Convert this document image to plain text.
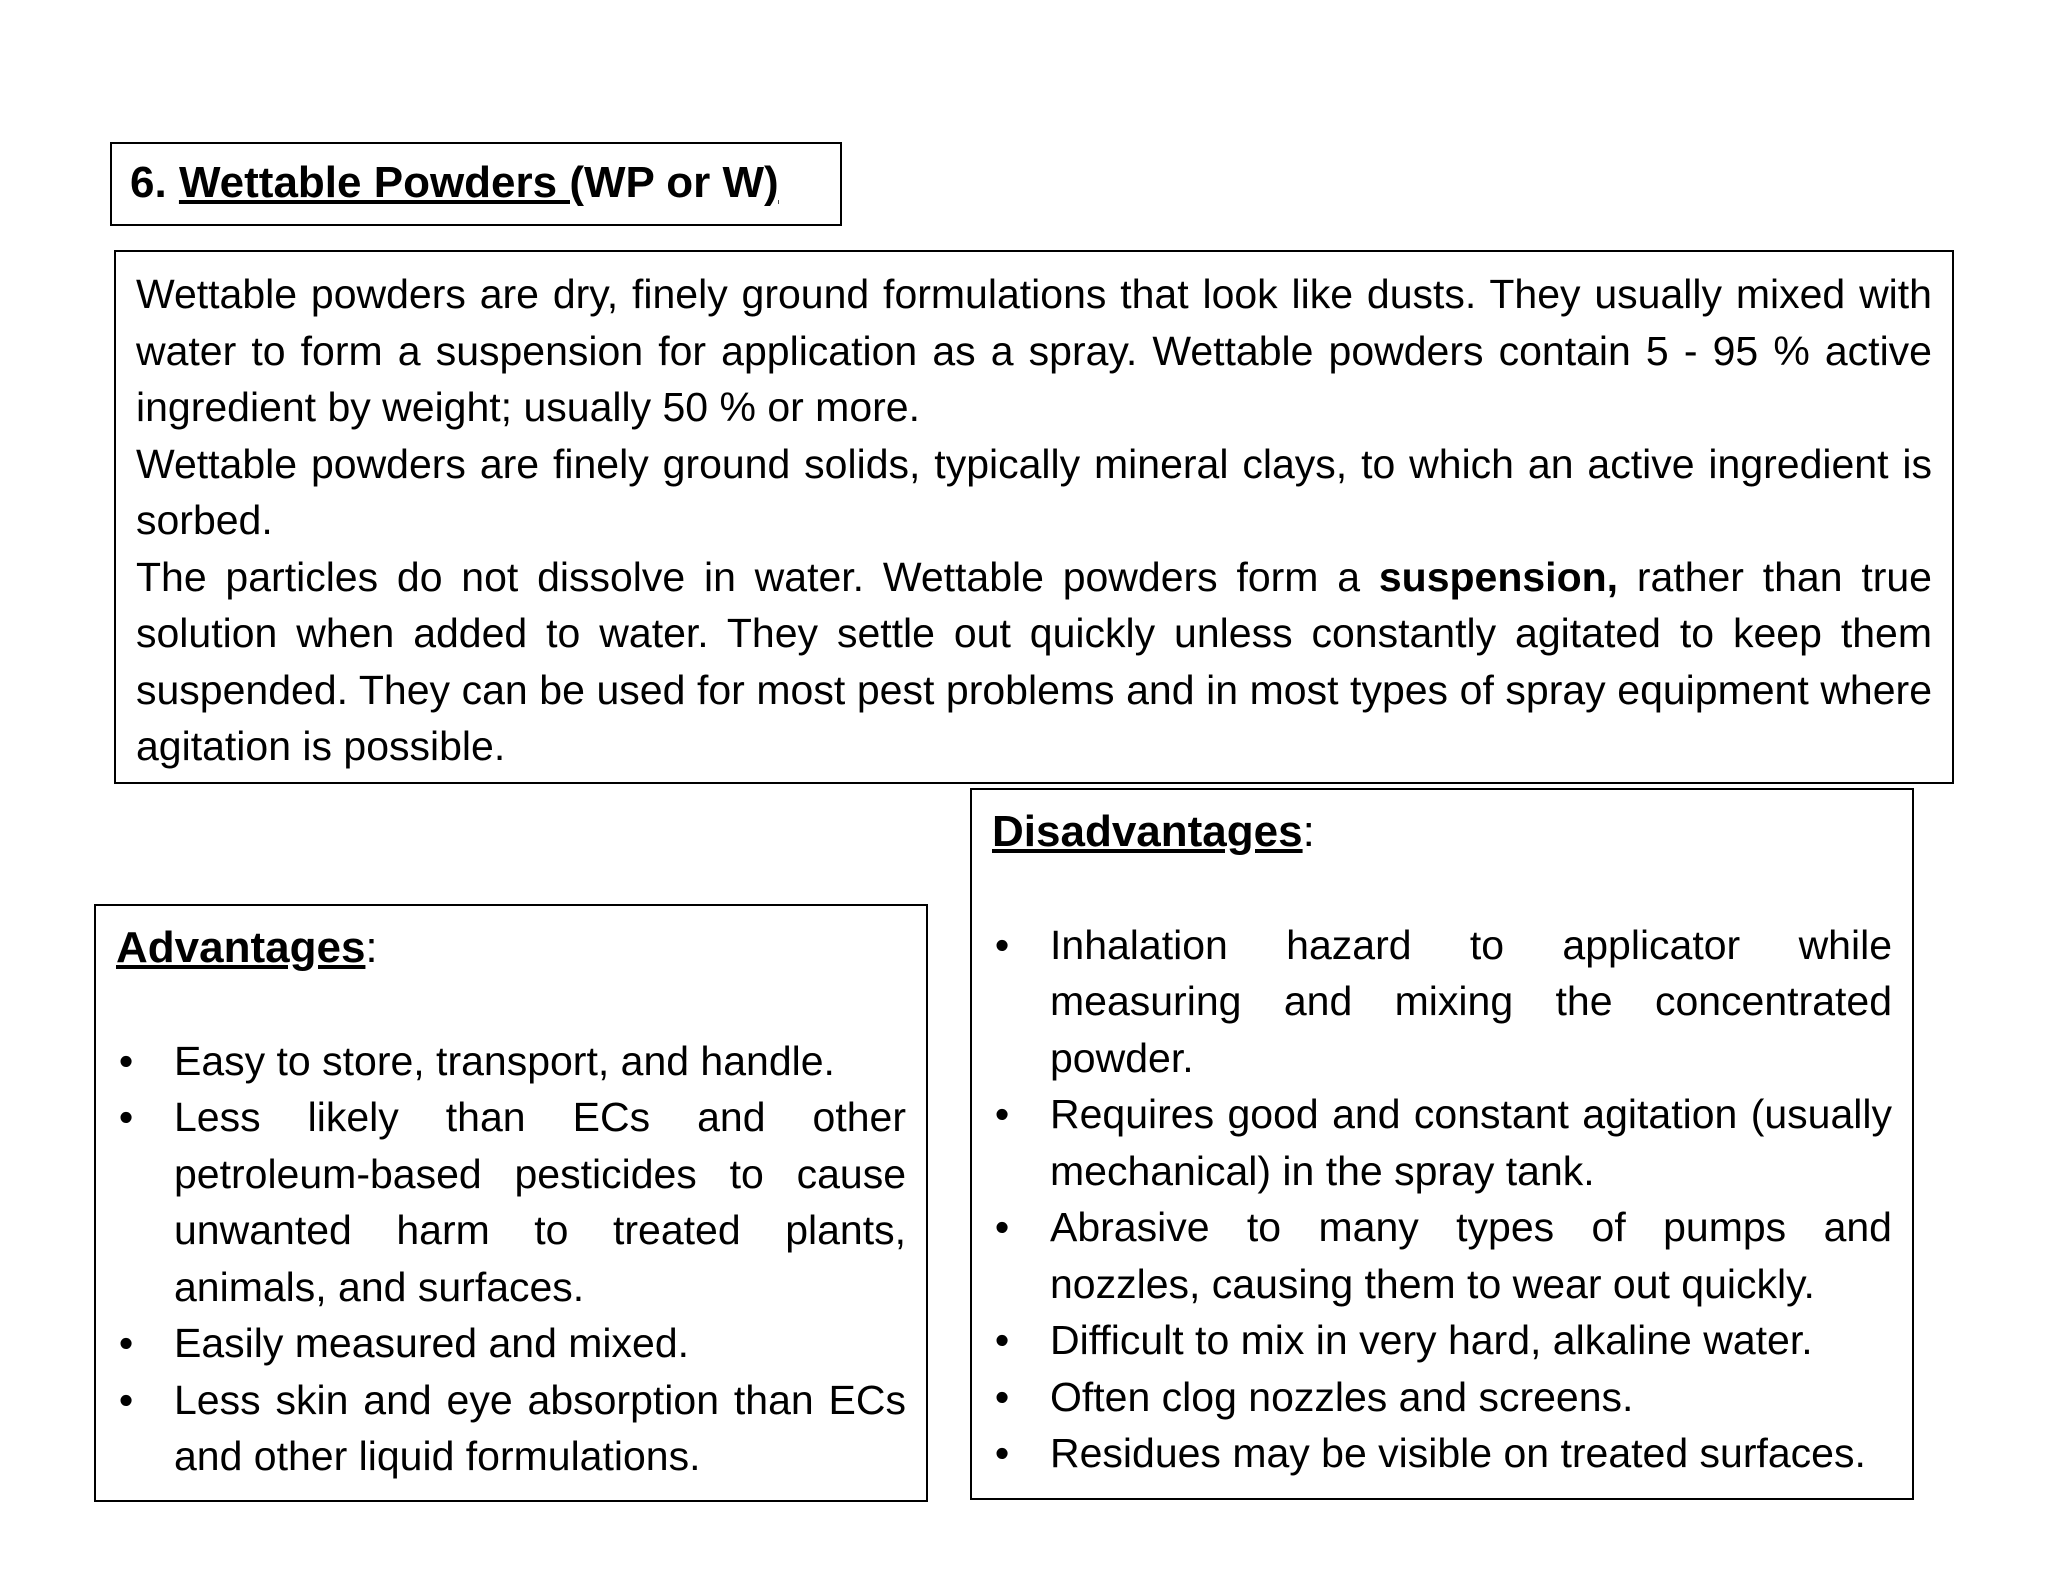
6. Wettable Powders (WP or W)

Wettable powders are dry, finely ground formulations that look like dusts. They usually mixed with water to form a suspension for application as a spray. Wettable powders contain 5 - 95 % active ingredient by weight; usually 50 % or more.

Wettable powders are finely ground solids, typically mineral clays, to which an active ingredient is sorbed.

The particles do not dissolve in water. Wettable powders form a suspension, rather than true solution when added to water. They settle out quickly unless constantly agitated to keep them suspended. They can be used for most pest problems and in most types of spray equipment where agitation is possible.

Advantages:
• Easy to store, transport, and handle.
• Less likely than ECs and other petroleum-based pesticides to cause unwanted harm to treated plants, animals, and surfaces.
• Easily measured and mixed.
• Less skin and eye absorption than ECs and other liquid formulations.
Disadvantages:
• Inhalation hazard to applicator while measuring and mixing the concentrated powder.
• Requires good and constant agitation (usually mechanical) in the spray tank.
• Abrasive to many types of pumps and nozzles, causing them to wear out quickly.
• Difficult to mix in very hard, alkaline water.
• Often clog nozzles and screens.
• Residues may be visible on treated surfaces.
